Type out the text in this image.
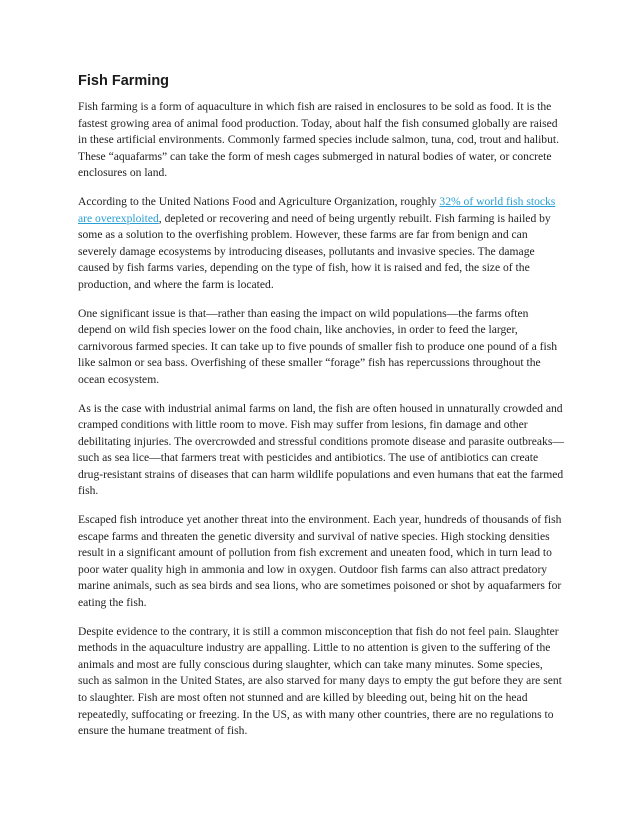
Fish Farming

Fish farming is a form of aquaculture in which fish are raised in enclosures to be sold as food. It is the fastest growing area of animal food production. Today, about half the fish consumed globally are raised in these artificial environments. Commonly farmed species include salmon, tuna, cod, trout and halibut. These “aquafarms” can take the form of mesh cages submerged in natural bodies of water, or concrete enclosures on land.

According to the United Nations Food and Agriculture Organization, roughly 32% of world fish stocks are overexploited, depleted or recovering and need of being urgently rebuilt. Fish farming is hailed by some as a solution to the overfishing problem. However, these farms are far from benign and can severely damage ecosystems by introducing diseases, pollutants and invasive species. The damage caused by fish farms varies, depending on the type of fish, how it is raised and fed, the size of the production, and where the farm is located.

One significant issue is that—rather than easing the impact on wild populations—the farms often depend on wild fish species lower on the food chain, like anchovies, in order to feed the larger, carnivorous farmed species. It can take up to five pounds of smaller fish to produce one pound of a fish like salmon or sea bass. Overfishing of these smaller “forage” fish has repercussions throughout the ocean ecosystem.

As is the case with industrial animal farms on land, the fish are often housed in unnaturally crowded and cramped conditions with little room to move. Fish may suffer from lesions, fin damage and other debilitating injuries. The overcrowded and stressful conditions promote disease and parasite outbreaks—such as sea lice—that farmers treat with pesticides and antibiotics. The use of antibiotics can create drug-resistant strains of diseases that can harm wildlife populations and even humans that eat the farmed fish.

Escaped fish introduce yet another threat into the environment. Each year, hundreds of thousands of fish escape farms and threaten the genetic diversity and survival of native species. High stocking densities result in a significant amount of pollution from fish excrement and uneaten food, which in turn lead to poor water quality high in ammonia and low in oxygen. Outdoor fish farms can also attract predatory marine animals, such as sea birds and sea lions, who are sometimes poisoned or shot by aquafarmers for eating the fish.

Despite evidence to the contrary, it is still a common misconception that fish do not feel pain. Slaughter methods in the aquaculture industry are appalling. Little to no attention is given to the suffering of the animals and most are fully conscious during slaughter, which can take many minutes. Some species, such as salmon in the United States, are also starved for many days to empty the gut before they are sent to slaughter. Fish are most often not stunned and are killed by bleeding out, being hit on the head repeatedly, suffocating or freezing. In the US, as with many other countries, there are no regulations to ensure the humane treatment of fish.
